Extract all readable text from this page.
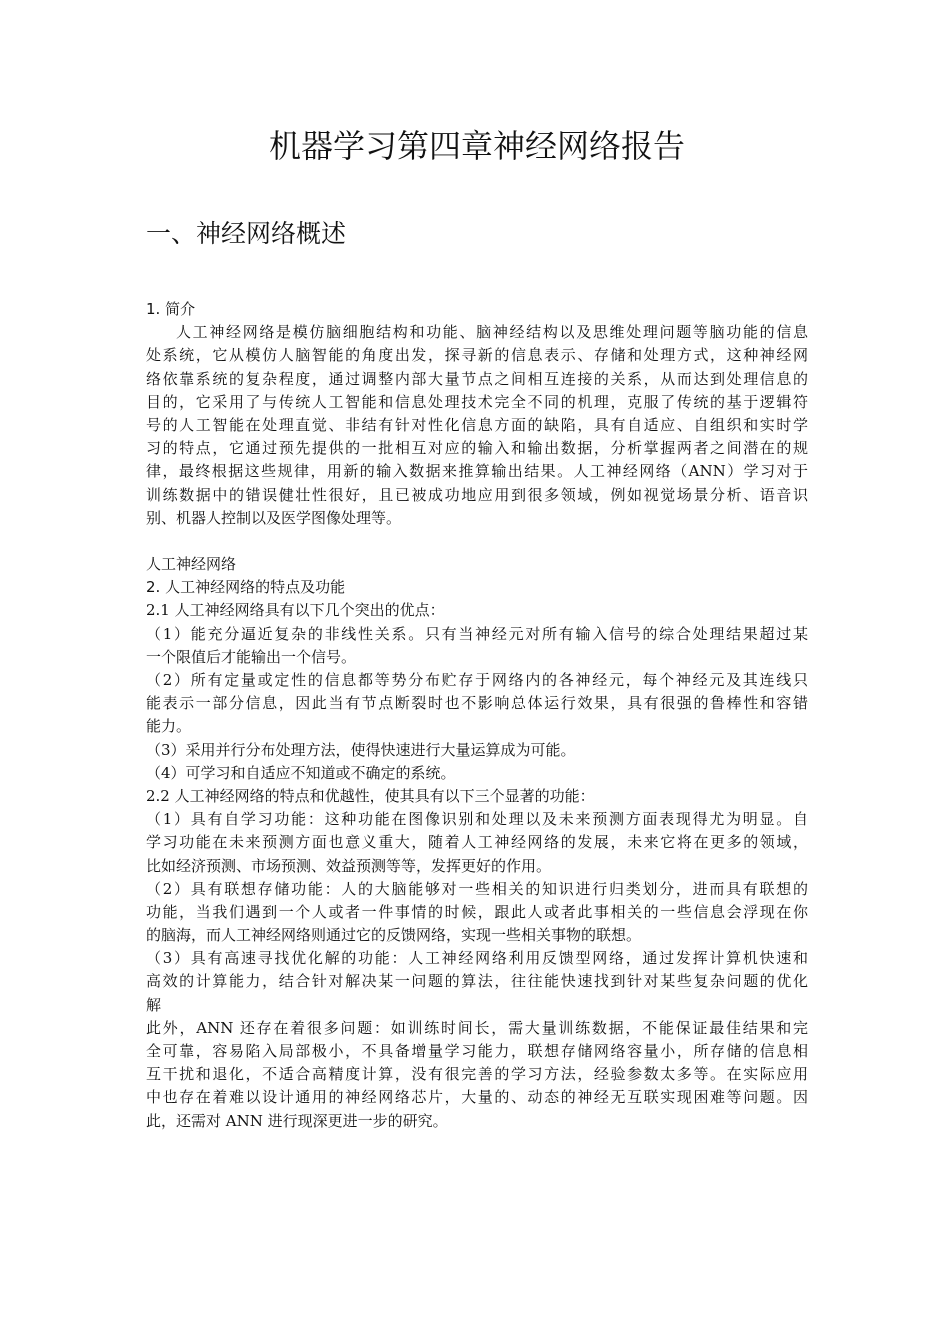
机器学习第四章神经网络报告
一、神经网络概述
1. 简介
人工神经网络是模仿脑细胞结构和功能、脑神经结构以及思维处理问题等脑功能的信息
处系统，它从模仿人脑智能的角度出发，探寻新的信息表示、存储和处理方式，这种神经网
络依靠系统的复杂程度，通过调整内部大量节点之间相互连接的关系，从而达到处理信息的
目的，它采用了与传统人工智能和信息处理技术完全不同的机理，克服了传统的基于逻辑符
号的人工智能在处理直觉、非结有针对性化信息方面的缺陷，具有自适应、自组织和实时学
习的特点，它通过预先提供的一批相互对应的输入和输出数据，分析掌握两者之间潜在的规
律，最终根据这些规律，用新的输入数据来推算输出结果。人工神经网络（ANN）学习对于
训练数据中的错误健壮性很好，且已被成功地应用到很多领域，例如视觉场景分析、语音识
别、机器人控制以及医学图像处理等。
人工神经网络
2. 人工神经网络的特点及功能
2.1 人工神经网络具有以下几个突出的优点：
（1）能充分逼近复杂的非线性关系。只有当神经元对所有输入信号的综合处理结果超过某
一个限值后才能输出一个信号。
（2）所有定量或定性的信息都等势分布贮存于网络内的各神经元，每个神经元及其连线只
能表示一部分信息，因此当有节点断裂时也不影响总体运行效果，具有很强的鲁棒性和容错
能力。
（3）采用并行分布处理方法，使得快速进行大量运算成为可能。
（4）可学习和自适应不知道或不确定的系统。
2.2 人工神经网络的特点和优越性，使其具有以下三个显著的功能：
（1）具有自学习功能：这种功能在图像识别和处理以及未来预测方面表现得尤为明显。自
学习功能在未来预测方面也意义重大，随着人工神经网络的发展，未来它将在更多的领域，
比如经济预测、市场预测、效益预测等等，发挥更好的作用。
（2）具有联想存储功能：人的大脑能够对一些相关的知识进行归类划分，进而具有联想的
功能，当我们遇到一个人或者一件事情的时候，跟此人或者此事相关的一些信息会浮现在你
的脑海，而人工神经网络则通过它的反馈网络，实现一些相关事物的联想。
（3）具有高速寻找优化解的功能：人工神经网络利用反馈型网络，通过发挥计算机快速和
高效的计算能力，结合针对解决某一问题的算法，往往能快速找到针对某些复杂问题的优化
解
此外，ANN 还存在着很多问题：如训练时间长，需大量训练数据，不能保证最佳结果和完
全可靠，容易陷入局部极小，不具备增量学习能力，联想存储网络容量小，所存储的信息相
互干扰和退化，不适合高精度计算，没有很完善的学习方法，经验参数太多等。在实际应用
中也存在着难以设计通用的神经网络芯片，大量的、动态的神经无互联实现困难等问题。因
此，还需对 ANN 进行现深更进一步的研究。
